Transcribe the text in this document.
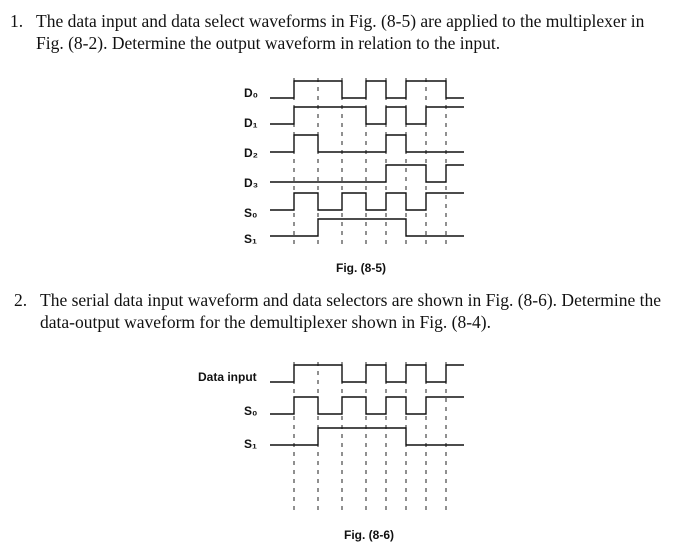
1. The data input and data select waveforms in Fig. (8-5) are applied to the multiplexer in
Fig. (8-2). Determine the output waveform in relation to the input.
D₀
D₁
D₂
D₃
S₀
S₁
Fig. (8-5)
2. The serial data input waveform and data selectors are shown in Fig. (8-6). Determine the
data-output waveform for the demultiplexer shown in Fig. (8-4).
Data input
S₀
S₁
Fig. (8-6)
